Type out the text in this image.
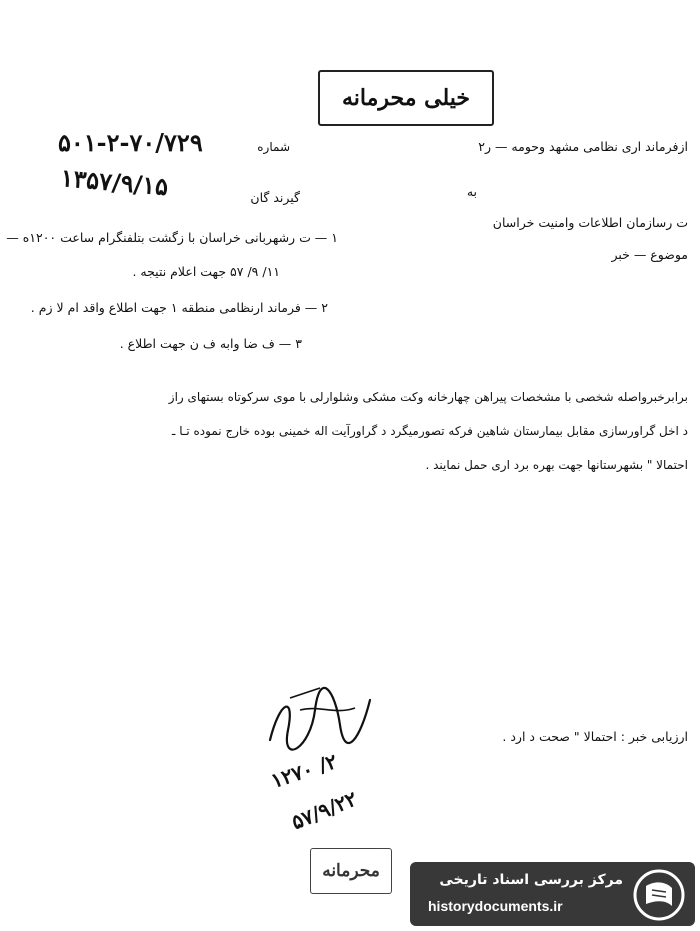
خیلی محرمانه
شماره
۵۰۱-۲-۷۰/۷۲۹
۱۳۵۷/۹/۱۵
ازفرماند اری نظامی مشهد وحومه — ر۲
به
ت رسازمان اطلاعات وامنیت خراسان
موضوع — خبر
گیرند گان
۱ — ت رشهربانی خراسان با زگشت بتلفنگرام ساعت ۱۲۰۰ه —
۱۱/ ۹/ ۵۷ جهت اعلام نتیجه .
۲ — فرماند ارنظامی منطقه ۱ جهت اطلاع واقد ام لا زم .
۳ — ف ضا وابه ف ن جهت اطلاع .
برابرخبرواصله شخصی با مشخصات پیراهن چهارخانه وکت مشکی وشلوارلی با موی سرکوتاه بستهای راز
د اخل گراورسازی مقابل بیمارستان شاهین فرکه تصورمیگرد د گراورآیت اله خمینی بوده خارج نموده تـا ـ
احتمالا " بشهرستانها جهت بهره برد اری حمل نمایند .
۱۲۷۰ /۲
۵۷/۹/۲۲
ارزیابی خبر : احتمالا " صحت د ارد .
محرمانه	مرکز بررسی اسناد تاریخی
historydocuments.ir
